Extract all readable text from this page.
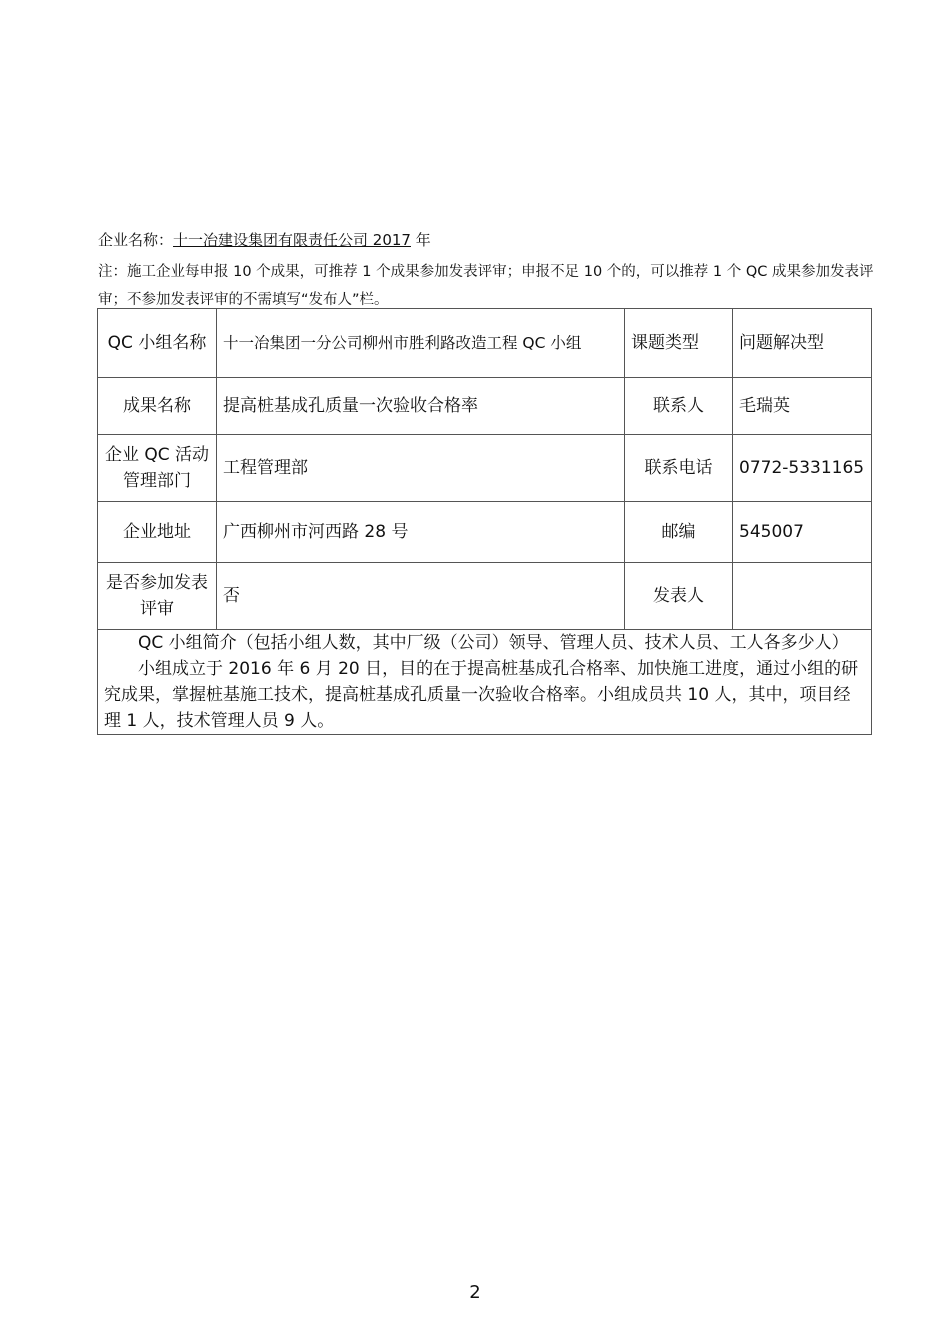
企业名称：十一冶建设集团有限责任公司 2017 年
注：施工企业每申报 10 个成果，可推荐 1 个成果参加发表评审；申报不足 10 个的，可以推荐 1 个 QC 成果参加发表评审；不参加发表评审的不需填写“发布人”栏。
QC 小组名称	十一冶集团一分公司柳州市胜利路改造工程 QC 小组	课题类型	问题解决型
成果名称	提高桩基成孔质量一次验收合格率	联系人	毛瑞英
企业 QC 活动管理部门	工程管理部	联系电话	0772-5331165
企业地址	广西柳州市河西路 28 号	邮编	545007
是否参加发表评审	否	发表人	

QC 小组简介（包括小组人数，其中厂级（公司）领导、管理人员、技术人员、工人各多少人）

小组成立于 2016 年 6 月 20 日，目的在于提高桩基成孔合格率、加快施工进度，通过小组的研究成果，掌握桩基施工技术，提高桩基成孔质量一次验收合格率。小组成员共 10 人，其中，项目经理 1 人，技术管理人员 9 人。			

2
